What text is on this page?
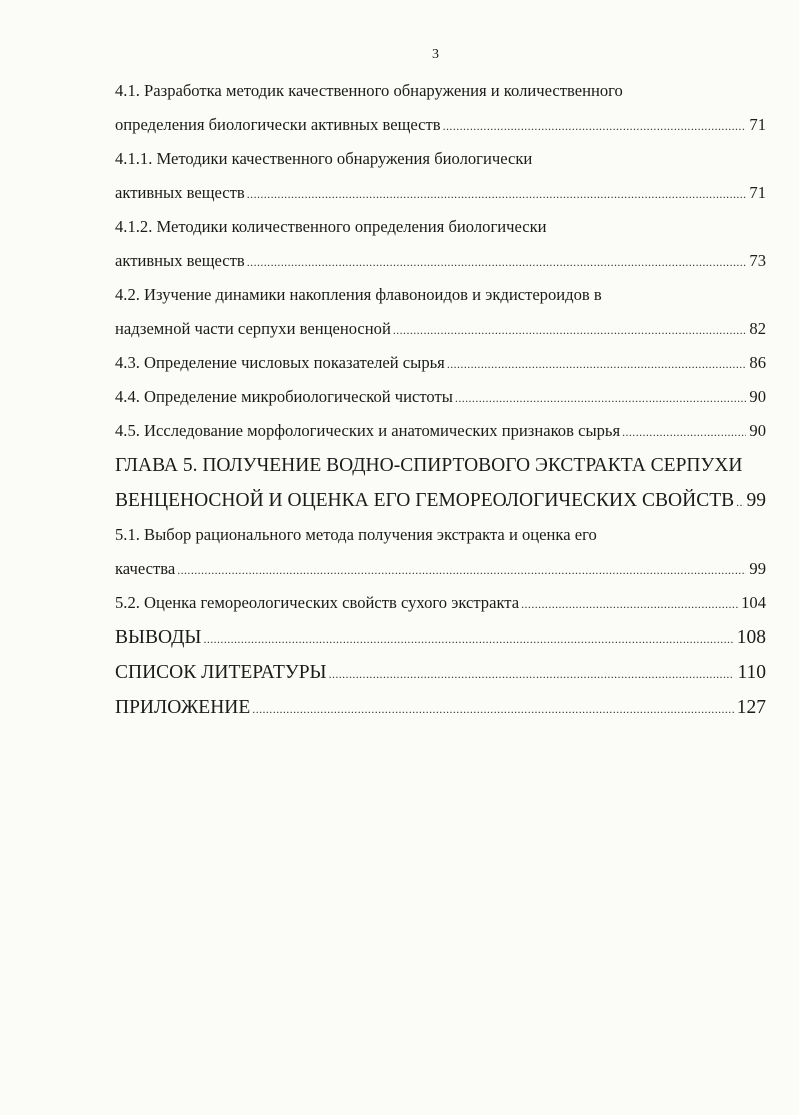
3
4.1. Разработка методик качественного обнаружения и количественного
определения биологически активных веществ .....	71
4.1.1. Методики качественного обнаружения биологически
активных веществ .....	71
4.1.2. Методики количественного определения биологически
активных веществ .....	73
4.2. Изучение динамики накопления флавоноидов и экдистероидов в
надземной части серпухи венценосной .....	82
4.3. Определение числовых показателей сырья .....	86
4.4. Определение микробиологической чистоты .....	90
4.5. Исследование морфологических и анатомических признаков сырья .....	90
ГЛАВА 5. ПОЛУЧЕНИЕ ВОДНО-СПИРТОВОГО ЭКСТРАКТА СЕРПУХИ
ВЕНЦЕНОСНОЙ И ОЦЕНКА ЕГО ГЕМОРЕОЛОГИЧЕСКИХ СВОЙСТВ ..... 99
5.1. Выбор рационального метода получения экстракта и оценка его
качества .....	99
5.2. Оценка гемореологических свойств сухого экстракта .....	104
ВЫВОДЫ .....	108
СПИСОК ЛИТЕРАТУРЫ .....	110
ПРИЛОЖЕНИЕ .....	127
